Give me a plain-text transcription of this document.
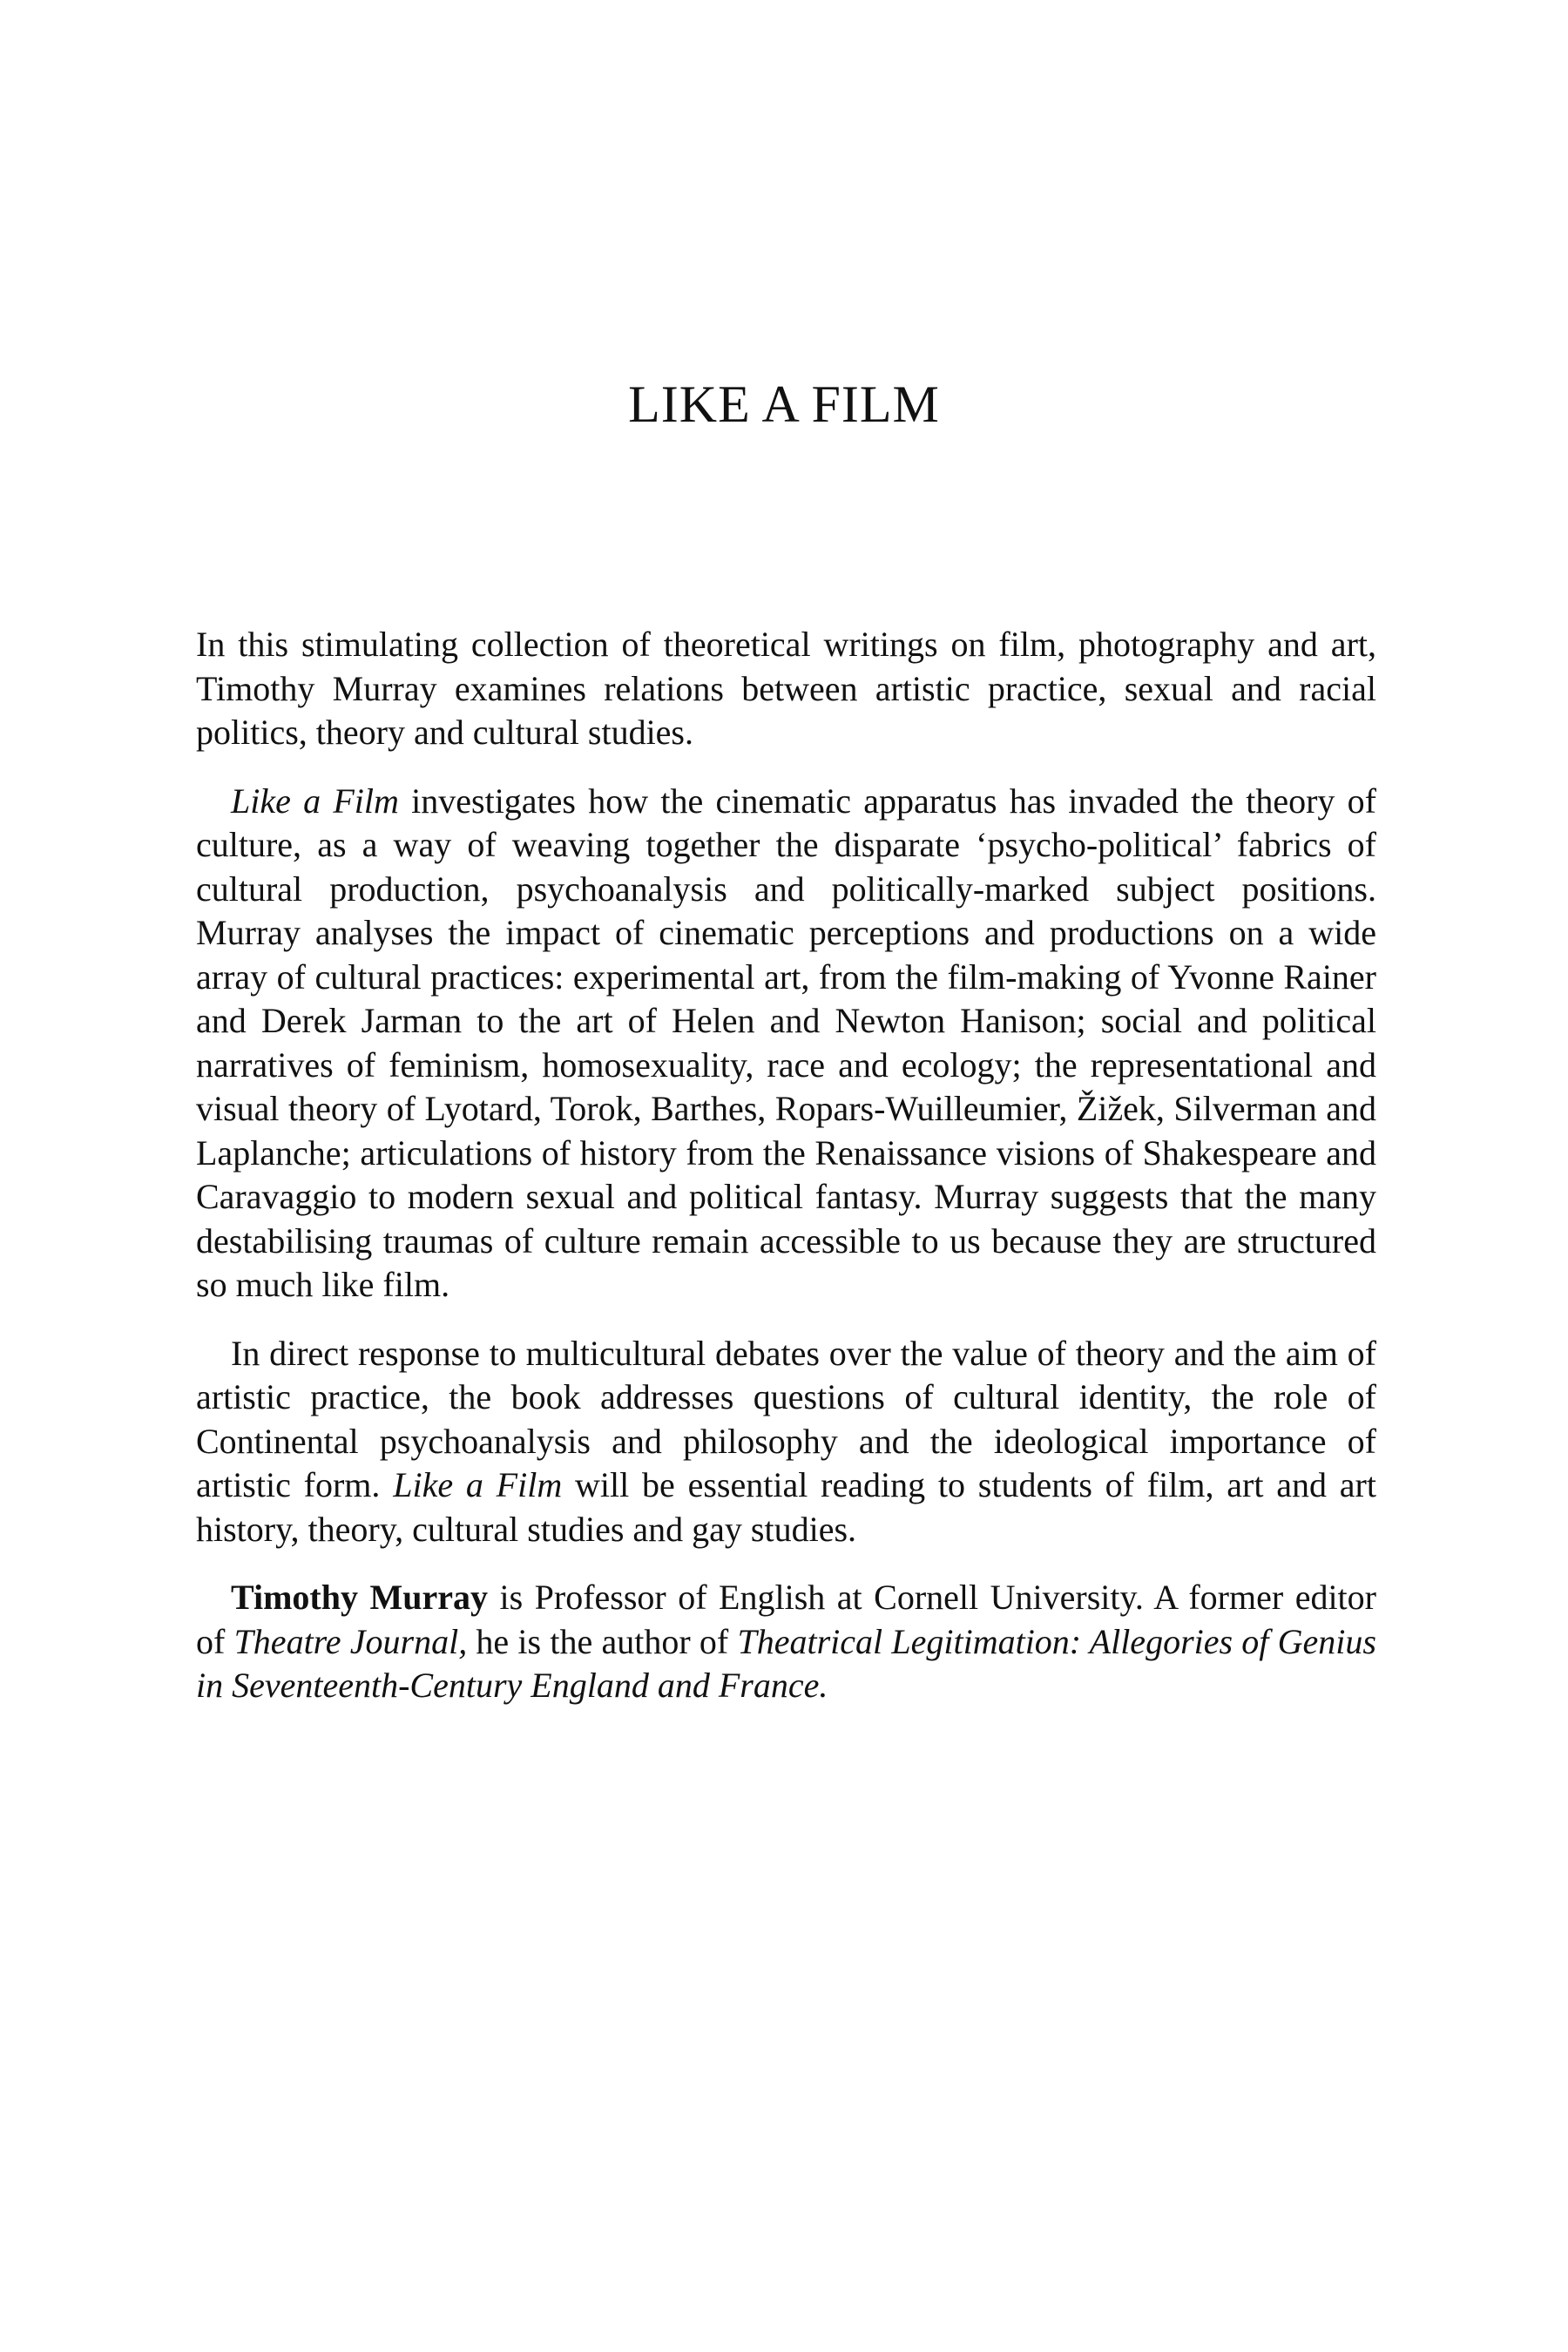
LIKE A FILM

In this stimulating collection of theoretical writings on film, photography and art, Timothy Murray examines relations between artistic practice, sexual and racial politics, theory and cultural studies.

Like a Film investigates how the cinematic apparatus has invaded the theory of culture, as a way of weaving together the disparate ‘psycho-political’ fabrics of cultural production, psychoanalysis and politically-marked subject positions. Murray analyses the impact of cinematic perceptions and productions on a wide array of cultural practices: experimental art, from the film-making of Yvonne Rainer and Derek Jarman to the art of Helen and Newton Hanison; social and political narratives of feminism, homosexuality, race and ecology; the representational and visual theory of Lyotard, Torok, Barthes, Ropars-Wuilleumier, Žižek, Silverman and Laplanche; articulations of history from the Renaissance visions of Shakespeare and Caravaggio to modern sexual and political fantasy. Murray suggests that the many destabilising traumas of culture remain accessible to us because they are structured so much like film.

In direct response to multicultural debates over the value of theory and the aim of artistic practice, the book addresses questions of cultural identity, the role of Continental psychoanalysis and philosophy and the ideological importance of artistic form. Like a Film will be essential reading to students of film, art and art history, theory, cultural studies and gay studies.

Timothy Murray is Professor of English at Cornell University. A former editor of Theatre Journal, he is the author of Theatrical Legitimation: Allegories of Genius in Seventeenth-Century England and France.
